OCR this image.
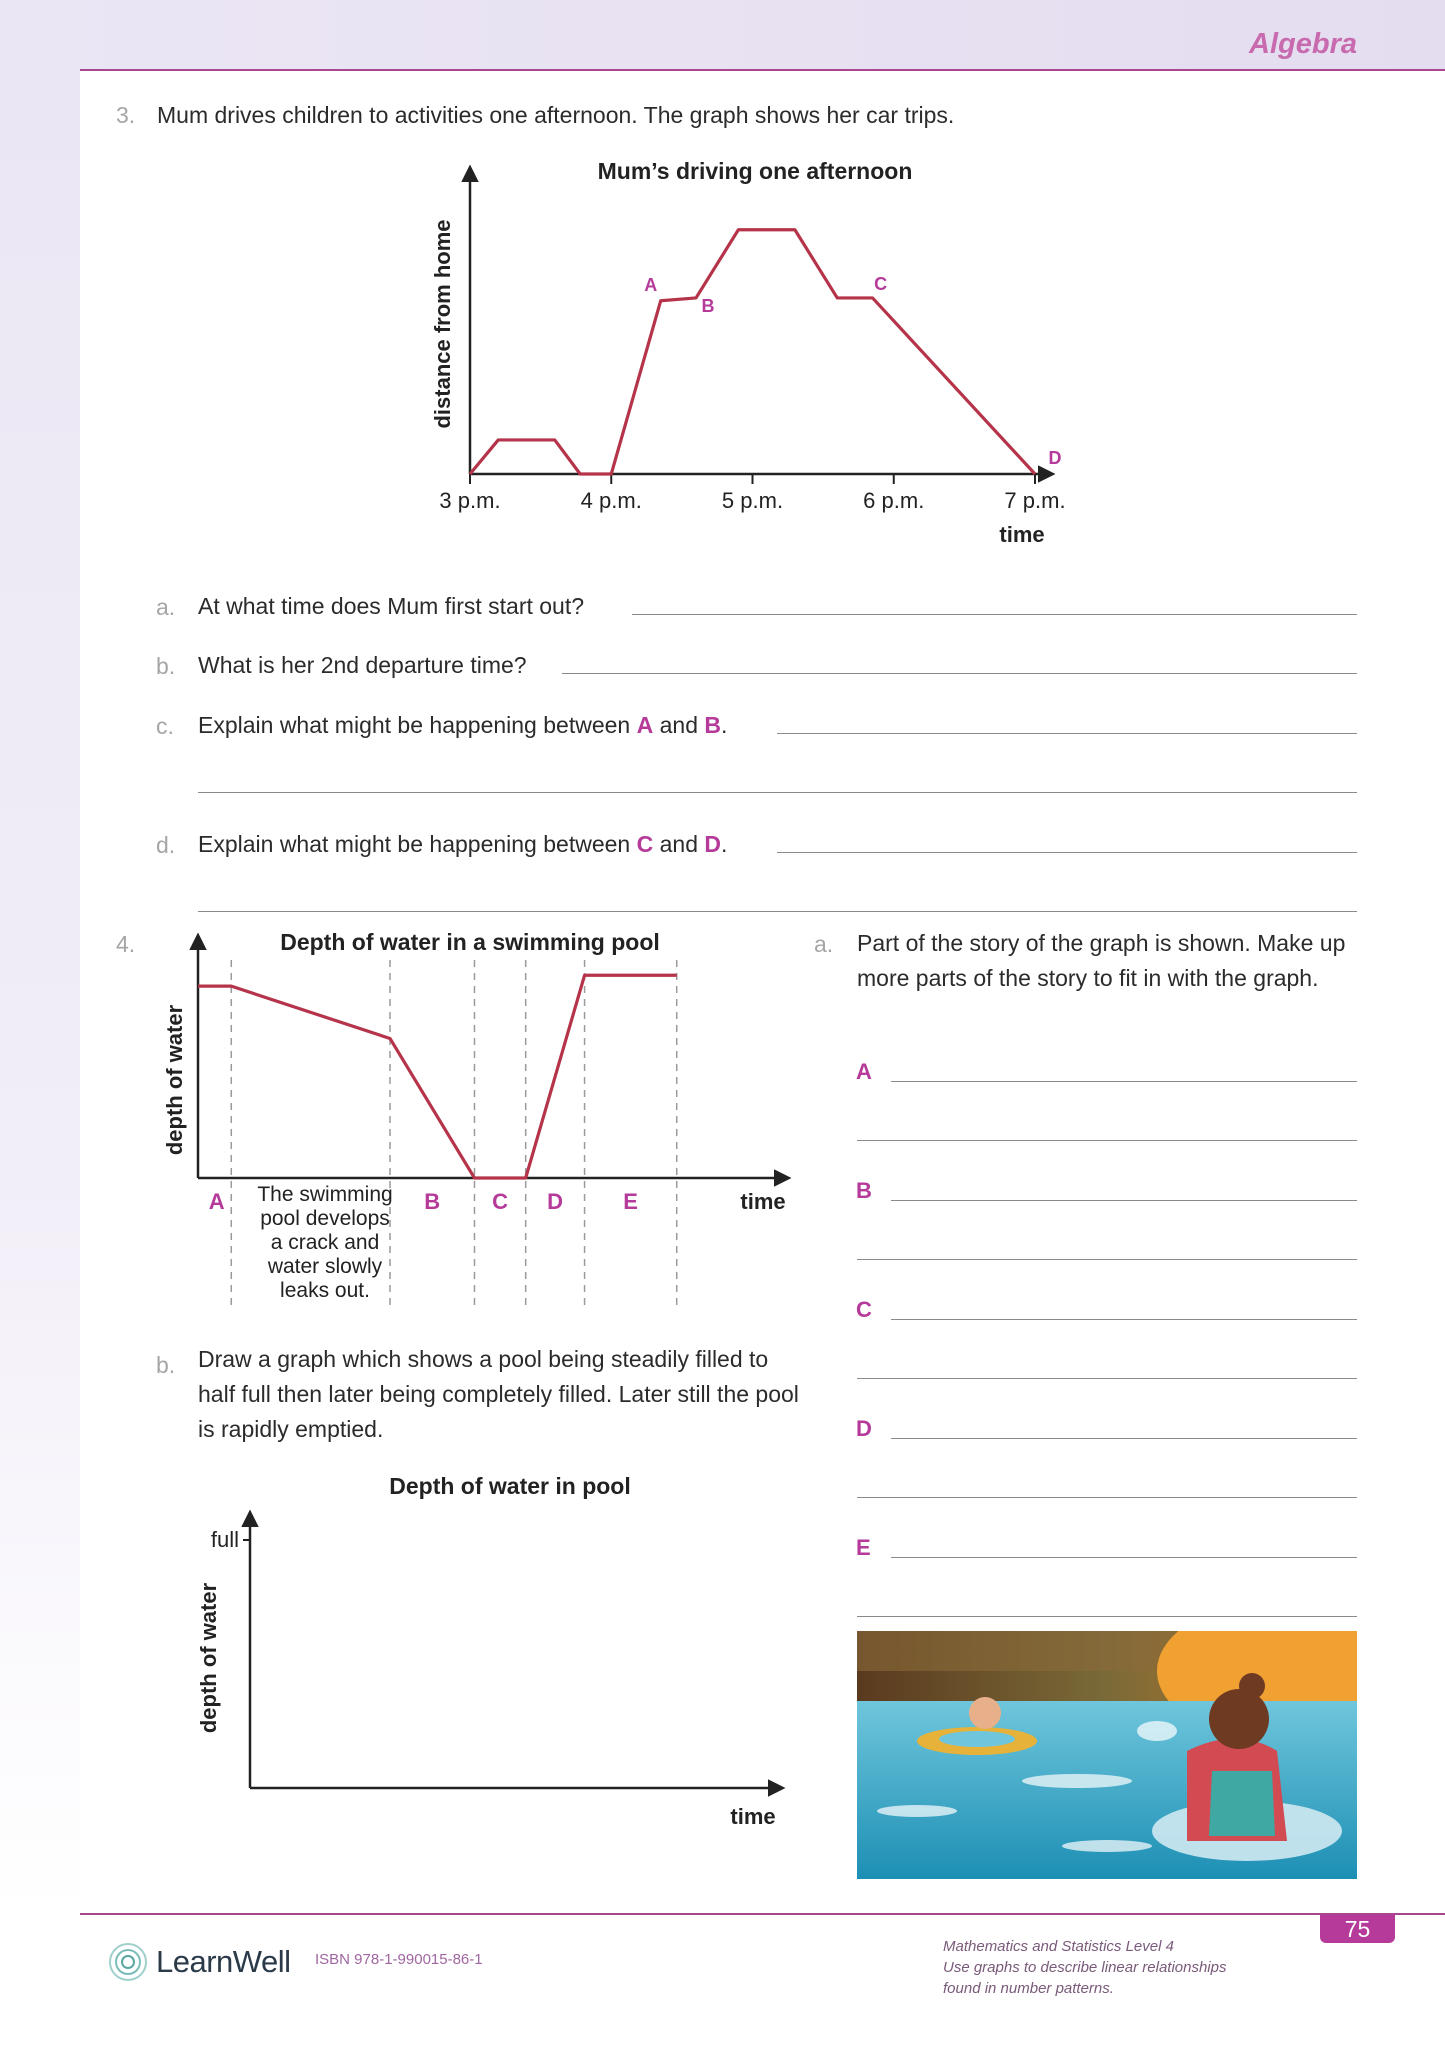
Algebra
3. Mum drives children to activities one afternoon. The graph shows her car trips.
Mum’s driving one afternoon
3 p.m.	4 p.m.	5 p.m.	6 p.m.	7 p.m.
A
B
C
D
distance from home
time
a. At what time does Mum first start out?
b. What is her 2nd departure time?
c. Explain what might be happening between A and B.
d. Explain what might be happening between C and D.
4.	Depth of water in a swimming pool
A	B C D	E
depth of water
time
The swimming
pool develops
a crack and
water slowly
leaks out.
a. Part of the story of the graph is shown. Make up more parts of the story to fit in with the graph.
A
B
C
D
E
b. Draw a graph which shows a pool being steadily filled to half full then later being completely filled. Later still the pool is rapidly emptied.
Depth of water in pool
full
depth of water
time
75
LearnWell ISBN 978-1-990015-86-1
Mathematics and Statistics Level 4
Use graphs to describe linear relationships
found in number patterns.
